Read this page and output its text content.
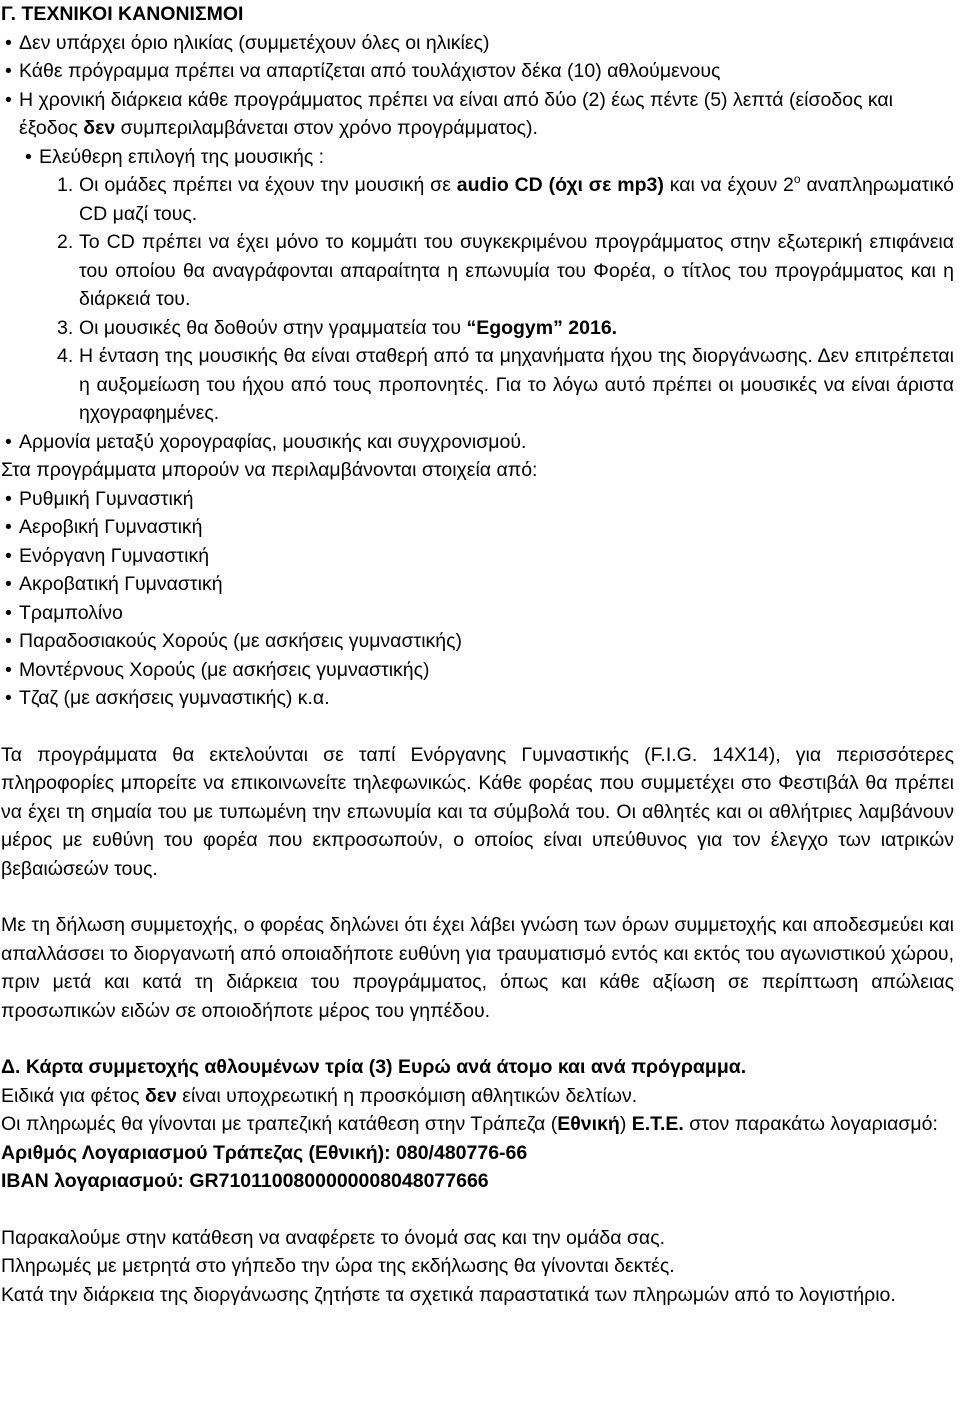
Γ. ΤΕΧΝΙΚΟΙ ΚΑΝΟΝΙΣΜΟΙ

• Δεν υπάρχει όριο ηλικίας (συμμετέχουν όλες οι ηλικίες)

• Κάθε πρόγραμμα πρέπει να απαρτίζεται από τουλάχιστον δέκα (10) αθλούμενους

• Η χρονική διάρκεια κάθε προγράμματος πρέπει να είναι από δύο (2) έως πέντε (5) λεπτά (είσοδος και έξοδος δεν συμπεριλαμβάνεται στον χρόνο προγράμματος).

• Ελεύθερη επιλογή της μουσικής :

1. Οι ομάδες πρέπει να έχουν την μουσική σε audio CD (όχι σε mp3) και να έχουν $2^o$ αναπληρωματικό CD μαζί τους.

2. Το CD πρέπει να έχει μόνο το κομμάτι του συγκεκριμένου προγράμματος στην εξωτερική επιφάνεια του οποίου θα αναγράφονται απαραίτητα η επωνυμία του Φορέα, ο τίτλος του προγράμματος και η διάρκειά του.

3. Οι μουσικές θα δοθούν στην γραμματεία του “Egogym” 2016.

4. Η ένταση της μουσικής θα είναι σταθερή από τα μηχανήματα ήχου της διοργάνωσης. Δεν επιτρέπεται η αυξομείωση του ήχου από τους προπονητές. Για το λόγω αυτό πρέπει οι μουσικές να είναι άριστα ηχογραφημένες.

• Αρμονία μεταξύ χορογραφίας, μουσικής και συγχρονισμού.

Στα προγράμματα μπορούν να περιλαμβάνονται στοιχεία από:

• Ρυθμική Γυμναστική

• Αεροβική Γυμναστική

• Ενόργανη Γυμναστική

• Ακροβατική Γυμναστική

• Τραμπολίνο

• Παραδοσιακούς Χορούς (με ασκήσεις γυμναστικής)

• Μοντέρνους Χορούς (με ασκήσεις γυμναστικής)

• Τζαζ (με ασκήσεις γυμναστικής) κ.α.

Τα προγράμματα θα εκτελούνται σε ταπί Ενόργανης Γυμναστικής (F.I.G. 14X14), για περισσότερες πληροφορίες μπορείτε να επικοινωνείτε τηλεφωνικώς. Κάθε φορέας που συμμετέχει στο Φεστιβάλ θα πρέπει να έχει τη σημαία του με τυπωμένη την επωνυμία και τα σύμβολά του. Οι αθλητές και οι αθλήτριες λαμβάνουν μέρος με ευθύνη του φορέα που εκπροσωπούν, ο οποίος είναι υπεύθυνος για τον έλεγχο των ιατρικών βεβαιώσεών τους.

Με τη δήλωση συμμετοχής, ο φορέας δηλώνει ότι έχει λάβει γνώση των όρων συμμετοχής και αποδεσμεύει και απαλλάσσει το διοργανωτή από οποιαδήποτε ευθύνη για τραυματισμό εντός και εκτός του αγωνιστικού χώρου, πριν μετά και κατά τη διάρκεια του προγράμματος, όπως και κάθε αξίωση σε περίπτωση απώλειας προσωπικών ειδών σε οποιοδήποτε μέρος του γηπέδου.

Δ. Κάρτα συμμετοχής αθλουμένων τρία (3) Ευρώ ανά άτομο και ανά πρόγραμμα.

Ειδικά για φέτος δεν είναι υποχρεωτική η προσκόμιση αθλητικών δελτίων.

Οι πληρωμές θα γίνονται με τραπεζική κατάθεση στην Τράπεζα (Εθνική) Ε.Τ.Ε. στον παρακάτω λογαριασμό:

Αριθμός Λογαριασμού Τράπεζας (Εθνική): 080/480776-66

IBAN λογαριασμού: GR7101100800000008048077666

Παρακαλούμε στην κατάθεση να αναφέρετε το όνομά σας και την ομάδα σας.

Πληρωμές με μετρητά στο γήπεδο την ώρα της εκδήλωσης θα γίνονται δεκτές.

Κατά την διάρκεια της διοργάνωσης ζητήστε τα σχετικά παραστατικά των πληρωμών από το λογιστήριο.
